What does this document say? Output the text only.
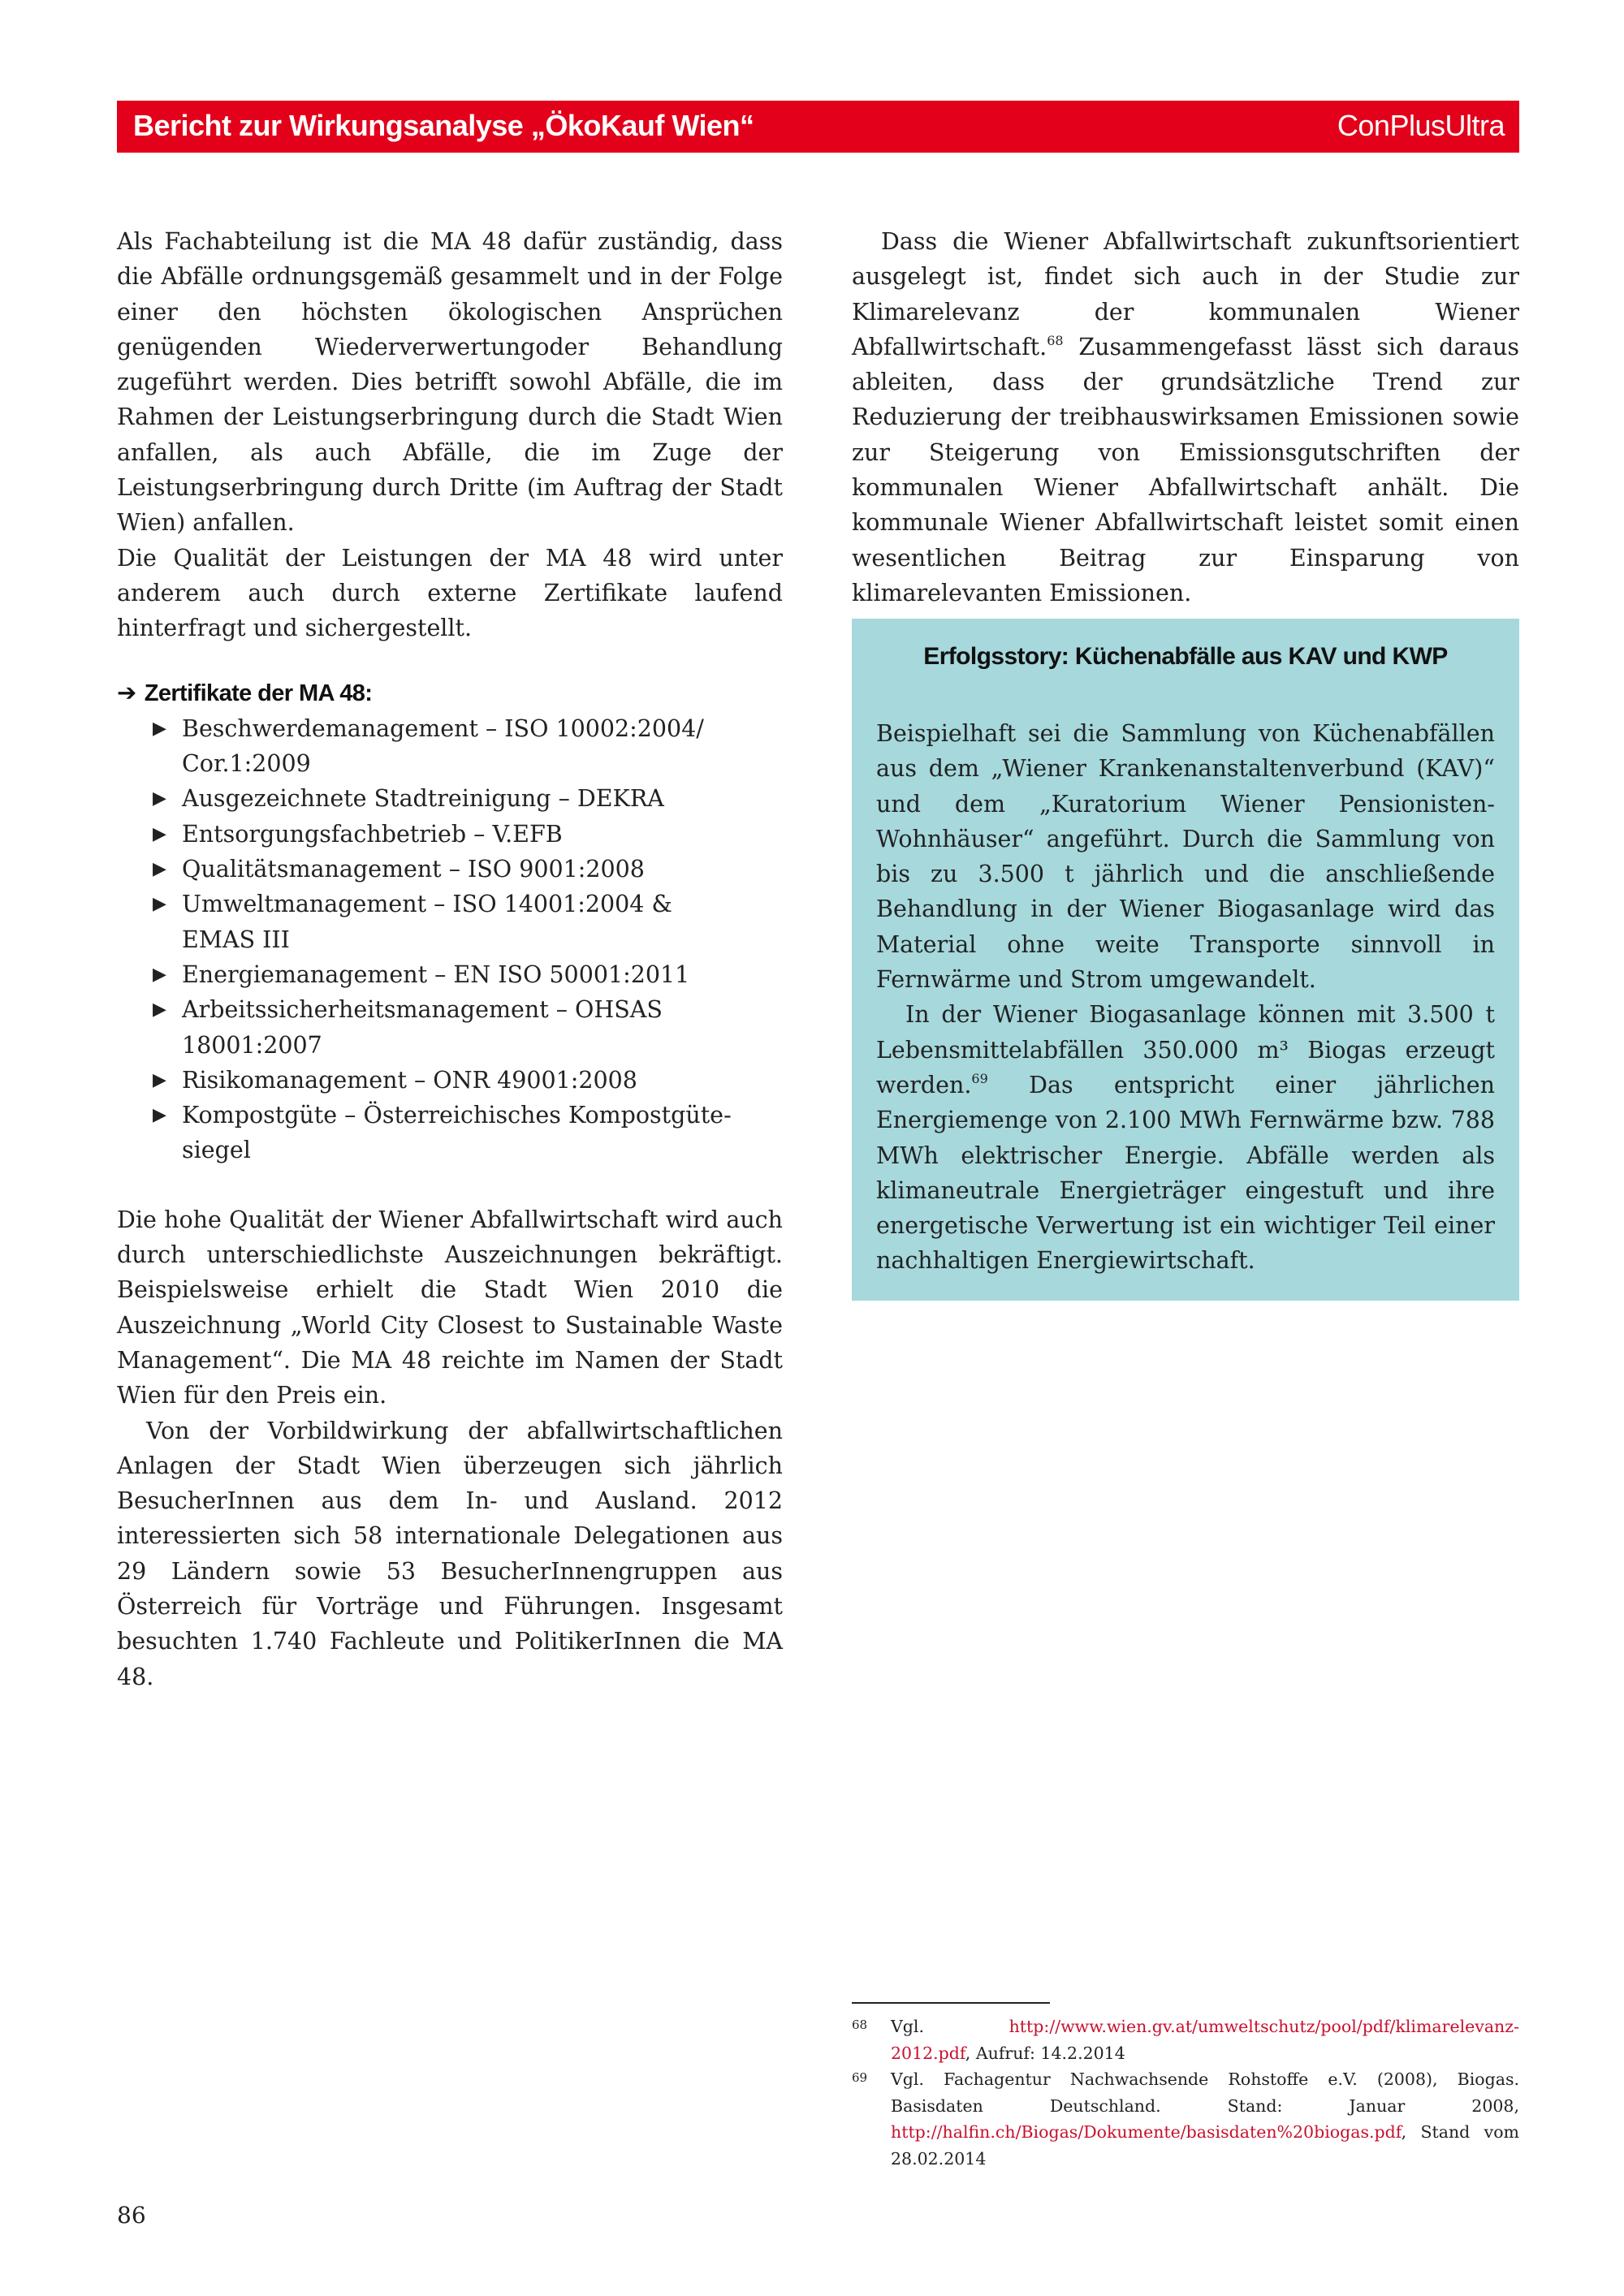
Bericht zur Wirkungsanalyse „ÖkoKauf Wien“	ConPlusUltra

Als Fachabteilung ist die MA 48 dafür zuständig, dass die Abfälle ordnungsgemäß gesammelt und in der Folge einer den höchsten ökologischen Ansprüchen genügenden Wiederverwertungoder Behandlung zugeführt werden. Dies betrifft sowohl Abfälle, die im Rahmen der Leistungserbringung durch die Stadt Wien anfallen, als auch Abfälle, die im Zuge der Leistungserbringung durch Dritte (im Auftrag der Stadt Wien) anfallen.

Die Qualität der Leistungen der MA 48 wird unter anderem auch durch externe Zertifikate laufend hinterfragt und sichergestellt.

➔ Zertifikate der MA 48:
▶ Beschwerdemanagement – ISO 10002:2004/ Cor.1:2009
▶ Ausgezeichnete Stadtreinigung – DEKRA
▶ Entsorgungsfachbetrieb – V.EFB
▶ Qualitätsmanagement – ISO 9001:2008
▶ Umweltmanagement – ISO 14001:2004 & EMAS III
▶ Energiemanagement – EN ISO 50001:2011
▶ Arbeitssicherheitsmanagement – OHSAS 18001:2007
▶ Risikomanagement – ONR 49001:2008
▶ Kompostgüte – Österreichisches Kompostgütesiegel

Die hohe Qualität der Wiener Abfallwirtschaft wird auch durch unterschiedlichste Auszeichnungen bekräftigt. Beispielsweise erhielt die Stadt Wien 2010 die Auszeichnung „World City Closest to Sustainable Waste Management“. Die MA 48 reichte im Namen der Stadt Wien für den Preis ein.

Von der Vorbildwirkung der abfallwirtschaftlichen Anlagen der Stadt Wien überzeugen sich jährlich BesucherInnen aus dem In- und Ausland. 2012 interessierten sich 58 internationale Delegationen aus 29 Ländern sowie 53 BesucherInnengruppen aus Österreich für Vorträge und Führungen. Insgesamt besuchten 1.740 Fachleute und PolitikerInnen die MA 48.

Dass die Wiener Abfallwirtschaft zukunftsorientiert ausgelegt ist, findet sich auch in der Studie zur Klimarelevanz der kommunalen Wiener Abfallwirtschaft.$^{68}$ Zusammengefasst lässt sich daraus ableiten, dass der grundsätzliche Trend zur Reduzierung der treibhauswirksamen Emissionen sowie zur Steigerung von Emissionsgutschriften der kommunalen Wiener Abfallwirtschaft anhält. Die kommunale Wiener Abfallwirtschaft leistet somit einen wesentlichen Beitrag zur Einsparung von klimarelevanten Emissionen.

Erfolgsstory: Küchenabfälle aus KAV und KWP

Beispielhaft sei die Sammlung von Küchenabfällen aus dem „Wiener Krankenanstaltenverbund (KAV)“ und dem „Kuratorium Wiener Pensionisten-Wohnhäuser“ angeführt. Durch die Sammlung von bis zu 3.500 t jährlich und die anschließende Behandlung in der Wiener Biogasanlage wird das Material ohne weite Transporte sinnvoll in Fernwärme und Strom umgewandelt.

In der Wiener Biogasanlage können mit 3.500 t Lebensmittelabfällen 350.000 m³ Biogas erzeugt werden.$^{69}$ Das entspricht einer jährlichen Energiemenge von 2.100 MWh Fernwärme bzw. 788 MWh elektrischer Energie. Abfälle werden als klimaneutrale Energieträger eingestuft und ihre energetische Verwertung ist ein wichtiger Teil einer nachhaltigen Energiewirtschaft.

68 Vgl. http://www.wien.gv.at/umweltschutz/pool/pdf/klimarelevanz-2012.pdf, Aufruf: 14.2.2014
69 Vgl. Fachagentur Nachwachsende Rohstoffe e.V. (2008), Biogas. Basisdaten Deutschland. Stand: Januar 2008, http://halfin.ch/Biogas/Dokumente/basisdaten%20biogas.pdf, Stand vom 28.02.2014
86
